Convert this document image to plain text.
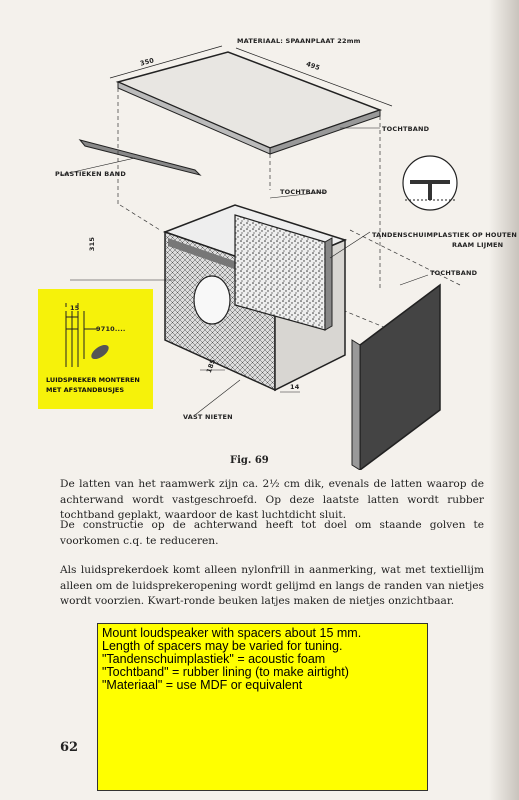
MATERIAAL: SPAANPLAAT 22mm
350	495
TOCHTBAND
PLASTIEKEN BAND
TOCHTBAND
TANDENSCHUIMPLASTIEK OP HOUTEN
RAAM LIJMEN
315
TOCHTBAND
185
14
VAST NIETEN
15
9710....
LUIDSPREKER MONTEREN
MET AFSTANDBUSJES
Fig. 69
De latten van het raamwerk zijn ca. 2½ cm dik, evenals de latten waarop de achterwand wordt vastgeschroefd. Op deze laatste latten wordt rubber tochtband geplakt, waardoor de kast luchtdicht sluit.
De constructie op de achterwand heeft tot doel om staande golven te voorkomen c.q. te reduceren.
Als luidsprekerdoek komt alleen nylonfrill in aanmerking, wat met textiellijm alleen om de luidsprekeropening wordt gelijmd en langs de randen van nietjes wordt voorzien. Kwart-ronde beuken latjes maken de nietjes onzichtbaar.
Mount loudspeaker with spacers about 15 mm.
Length of spacers may be varied for tuning.
"Tandenschuimplastiek" = acoustic foam
"Tochtband" = rubber lining (to make airtight)
"Materiaal" = use MDF or equivalent
62
